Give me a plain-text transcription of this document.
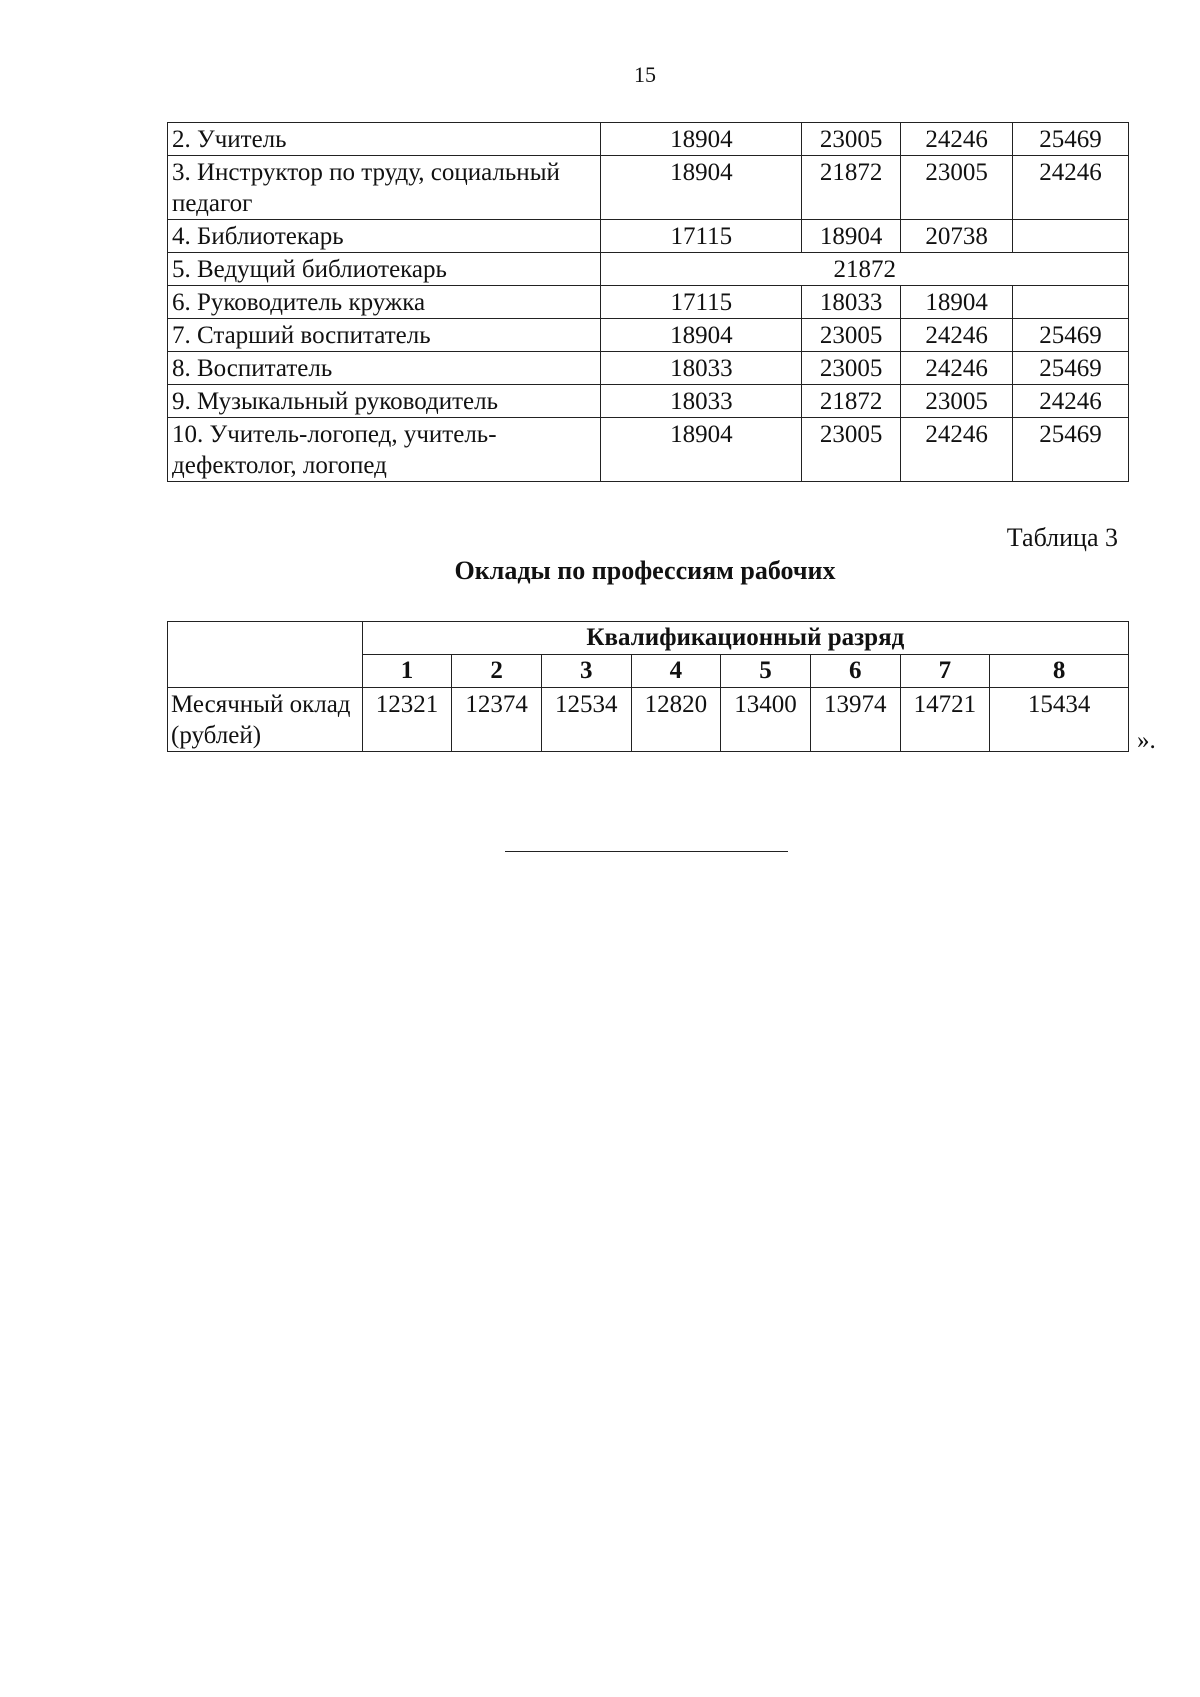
15
2. Учитель	18904	23005	24246	25469
3. Инструктор по труду, социальный педагог	18904	21872	23005	24246
4. Библиотекарь	17115	18904	20738	
5. Ведущий библиотекарь	21872			
6. Руководитель кружка	17115	18033	18904	
7. Старший воспитатель	18904	23005	24246	25469
8. Воспитатель	18033	23005	24246	25469
9. Музыкальный руководитель	18033	21872	23005	24246
10. Учитель-логопед, учитель-дефектолог, логопед	18904	23005	24246	25469
Таблица 3
Оклады по профессиям рабочих
	Квалификационный разряд							
	1	2	3	4	5	6	7	8
Месячный оклад (рублей)	12321	12374	12534	12820	13400	13974	14721	15434
».
